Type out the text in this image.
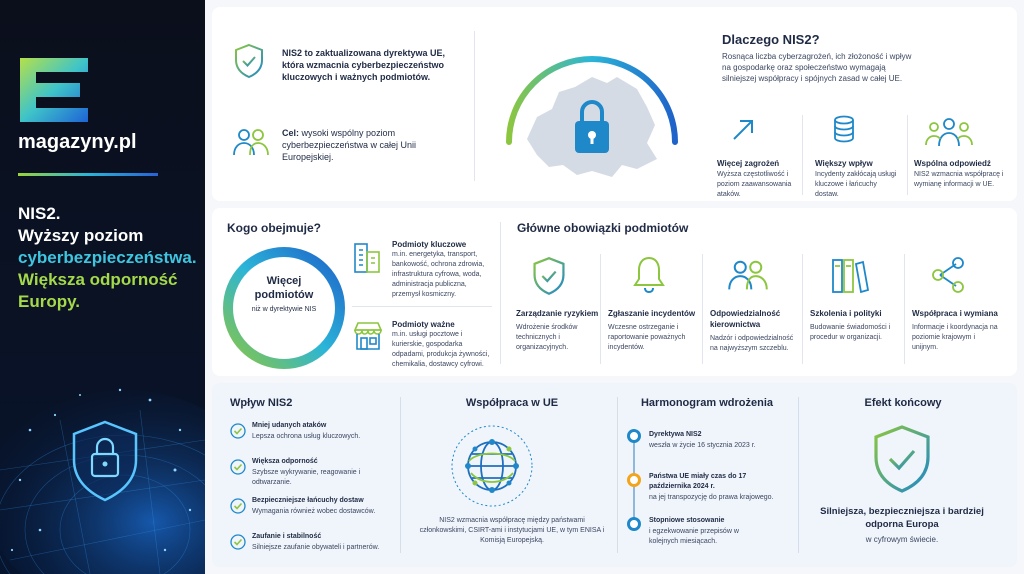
magazyny.pl
NIS2.
Wyższy poziom
cyberbezpieczeństwa.
Większa odporność
Europy.
NIS2 to zaktualizowana dyrektywa UE, która wzmacnia cyberbezpieczeństwo kluczowych i ważnych podmiotów.
Cel: wysoki wspólny poziom cyberbezpieczeństwa w całej Unii Europejskiej.
Dlaczego NIS2?
Rosnąca liczba cyberzagrożeń, ich złożoność i wpływ na gospodarkę oraz społeczeństwo wymagają silniejszej współpracy i spójnych zasad w całej UE.
Więcej zagrożeń
Wyższa częstotliwość i poziom zaawansowania ataków.
Większy wpływ
Incydenty zakłócają usługi kluczowe i łańcuchy dostaw.
Wspólna odpowiedź
NIS2 wzmacnia współpracę i wymianę informacji w UE.
Kogo obejmuje?
Więcej podmiotów
niż w dyrektywie NIS
Podmioty kluczowe
m.in. energetyka, transport, bankowość, ochrona zdrowia, infrastruktura cyfrowa, woda, administracja publiczna, przemysł kosmiczny.
Podmioty ważne
m.in. usługi pocztowe i kurierskie, gospodarka odpadami, produkcja żywności, chemikalia, dostawcy cyfrowi.
Główne obowiązki podmiotów
Zarządzanie ryzykiem
Wdrożenie środków technicznych i organizacyjnych.
Zgłaszanie incydentów
Wczesne ostrzeganie i raportowanie poważnych incydentów.
Odpowiedzialność kierownictwa
Nadzór i odpowiedzialność na najwyższym szczeblu.
Szkolenia i polityki
Budowanie świadomości i procedur w organizacji.
Współpraca i wymiana
Informacje i koordynacja na poziomie krajowym i unijnym.
Wpływ NIS2
Mniej udanych ataków
Lepsza ochrona usług kluczowych.
Większa odporność
Szybsze wykrywanie, reagowanie i odtwarzanie.
Bezpieczniejsze łańcuchy dostaw
Wymagania również wobec dostawców.
Zaufanie i stabilność
Silniejsze zaufanie obywateli i partnerów.
Współpraca w UE
NIS2 wzmacnia współpracę między państwami członkowskimi, CSIRT-ami i instytucjami UE, w tym ENISA i Komisją Europejską.
Harmonogram wdrożenia
Dyrektywa NIS2
weszła w życie 16 stycznia 2023 r.
Państwa UE miały czas do 17 października 2024 r.
na jej transpozycję do prawa krajowego.
Stopniowe stosowanie
i egzekwowanie przepisów w kolejnych miesiącach.
Efekt końcowy
Silniejsza, bezpieczniejsza i bardziej odporna Europa
w cyfrowym świecie.
